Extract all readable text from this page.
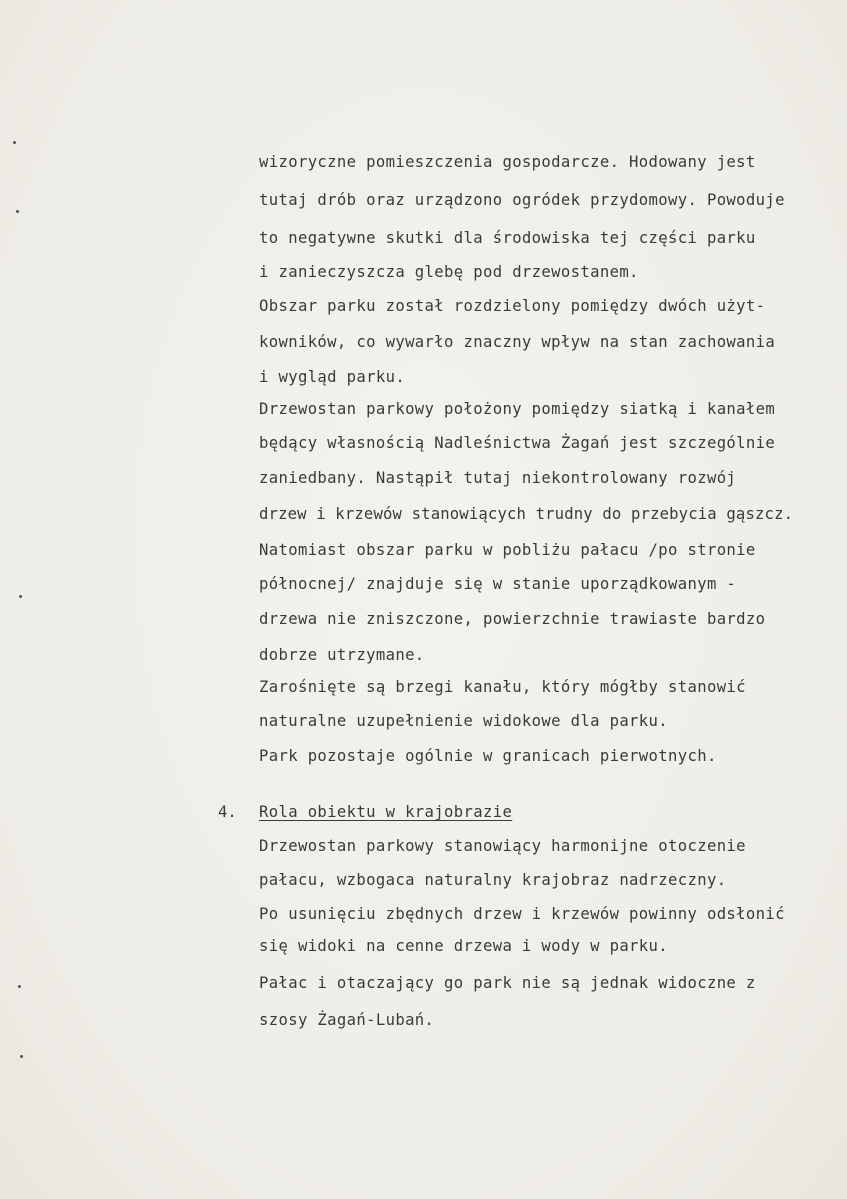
wizoryczne pomieszczenia gospodarcze. Hodowany jest
tutaj drób oraz urządzono ogródek przydomowy. Powoduje
to negatywne skutki dla środowiska tej części parku
i zanieczyszcza glebę pod drzewostanem.
Obszar parku został rozdzielony pomiędzy dwóch użyt-
kowników, co wywarło znaczny wpływ na stan zachowania
i wygląd parku.
Drzewostan parkowy położony pomiędzy siatką i kanałem
będący własnością Nadleśnictwa Żagań jest szczególnie
zaniedbany. Nastąpił tutaj niekontrolowany rozwój
drzew i krzewów stanowiących trudny do przebycia gąszcz.
Natomiast obszar parku w pobliżu pałacu /po stronie
północnej/ znajduje się w stanie uporządkowanym -
drzewa nie zniszczone, powierzchnie trawiaste bardzo
dobrze utrzymane.
Zarośnięte są brzegi kanału, który mógłby stanowić
naturalne uzupełnienie widokowe dla parku.
Park pozostaje ogólnie w granicach pierwotnych.
4. Rola obiektu w krajobrazie
Drzewostan parkowy stanowiący harmonijne otoczenie
pałacu, wzbogaca naturalny krajobraz nadrzeczny.
Po usunięciu zbędnych drzew i krzewów powinny odsłonić
się widoki na cenne drzewa i wody w parku.
Pałac i otaczający go park nie są jednak widoczne z
szosy Żagań-Lubań.
